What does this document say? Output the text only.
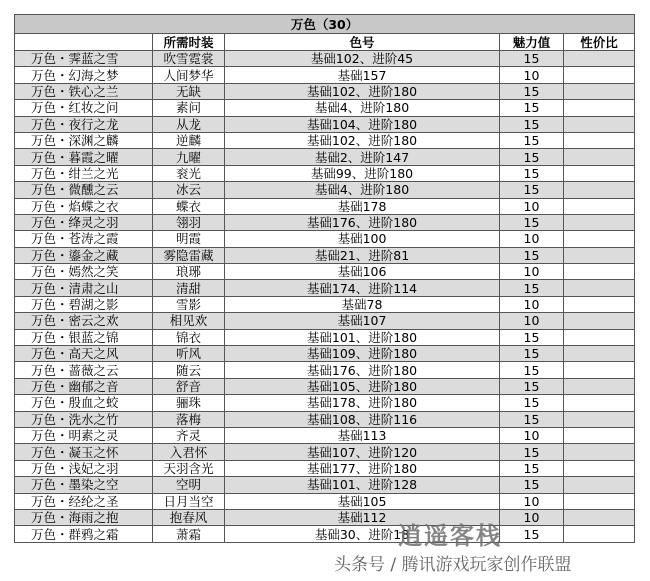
万色（30）				
	所需时装	色号	魅力值	性价比
万色・霁蓝之雪	吹雪霓裳	基础102、进阶45	15	
万色・幻海之梦	人间梦华	基础157	10	
万色・铁心之兰	无缺	基础102、进阶180	15	
万色・红妆之问	素问	基础4、进阶180	15	
万色・夜行之龙	从龙	基础104、进阶180	15	
万色・深渊之麟	逆麟	基础102、进阶180	15	
万色・暮霞之曜	九曜	基础2、进阶147	15	
万色・绀兰之光	衮光	基础99、进阶180	15	
万色・微醺之云	冰云	基础4、进阶180	15	
万色・焰蝶之衣	蝶衣	基础178	10	
万色・绛灵之羽	翎羽	基础176、进阶180	15	
万色・苍涛之霞	明霞	基础100	10	
万色・鎏金之藏	雾隐雷藏	基础21、进阶81	15	
万色・嫣然之笑	琅琊	基础106	10	
万色・清肃之山	清甜	基础174、进阶114	15	
万色・碧湖之影	雪影	基础78	10	
万色・密云之欢	相见欢	基础107	10	
万色・银蓝之锦	锦衣	基础101、进阶180	15	
万色・高天之风	听风	基础109、进阶180	15	
万色・蔷薇之云	随云	基础176、进阶180	15	
万色・幽郁之音	舒音	基础105、进阶180	15	
万色・殷血之蛟	骊珠	基础178、进阶180	15	
万色・洗水之竹	落梅	基础108、进阶116	15	
万色・明素之灵	齐灵	基础113	10	
万色・凝玉之怀	入君怀	基础107、进阶120	15	
万色・浅妃之羽	天羽含光	基础177、进阶180	15	
万色・墨染之空	空明	基础101、进阶128	15	
万色・经纶之圣	日月当空	基础105	10	
万色・海雨之抱	抱春风	基础112	10	
万色・群鸦之霜	萧霜	基础30、进阶18	15	
逍遥客栈
头条号 / 腾讯游戏玩家创作联盟
